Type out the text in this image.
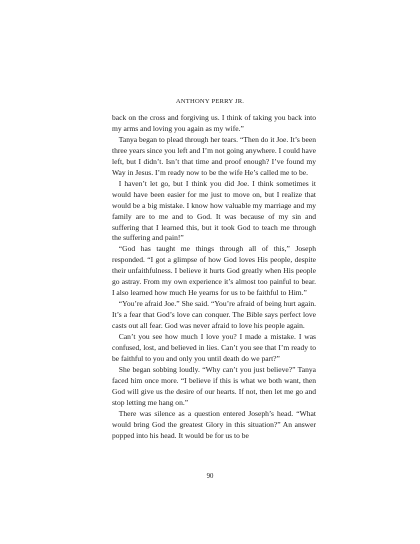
ANTHONY PERRY JR.

back on the cross and forgiving us. I think of taking you back into my arms and loving you again as my wife.”

Tanya began to plead through her tears. “Then do it Joe. It’s been three years since you left and I’m not going anywhere. I could have left, but I didn’t. Isn’t that time and proof enough? I’ve found my Way in Jesus. I’m ready now to be the wife He’s called me to be.

I haven’t let go, but I think you did Joe. I think sometimes it would have been easier for me just to move on, but I realize that would be a big mistake. I know how valuable my marriage and my family are to me and to God. It was because of my sin and suffering that I learned this, but it took God to teach me through the suffering and pain!”

“God has taught me things through all of this,” Joseph responded. “I got a glimpse of how God loves His people, despite their unfaithfulness. I believe it hurts God greatly when His people go astray. From my own experience it’s almost too painful to bear. I also learned how much He yearns for us to be faithful to Him.”

“You’re afraid Joe.” She said. “You’re afraid of being hurt again. It’s a fear that God’s love can conquer. The Bible says perfect love casts out all fear. God was never afraid to love his people again.

Can’t you see how much I love you? I made a mistake. I was confused, lost, and believed in lies. Can’t you see that I’m ready to be faithful to you and only you until death do we part?”

She began sobbing loudly. “Why can’t you just believe?” Tanya faced him once more. “I believe if this is what we both want, then God will give us the desire of our hearts. If not, then let me go and stop letting me hang on.”

There was silence as a question entered Joseph’s head. “What would bring God the greatest Glory in this situation?” An answer popped into his head. It would be for us to be

90
